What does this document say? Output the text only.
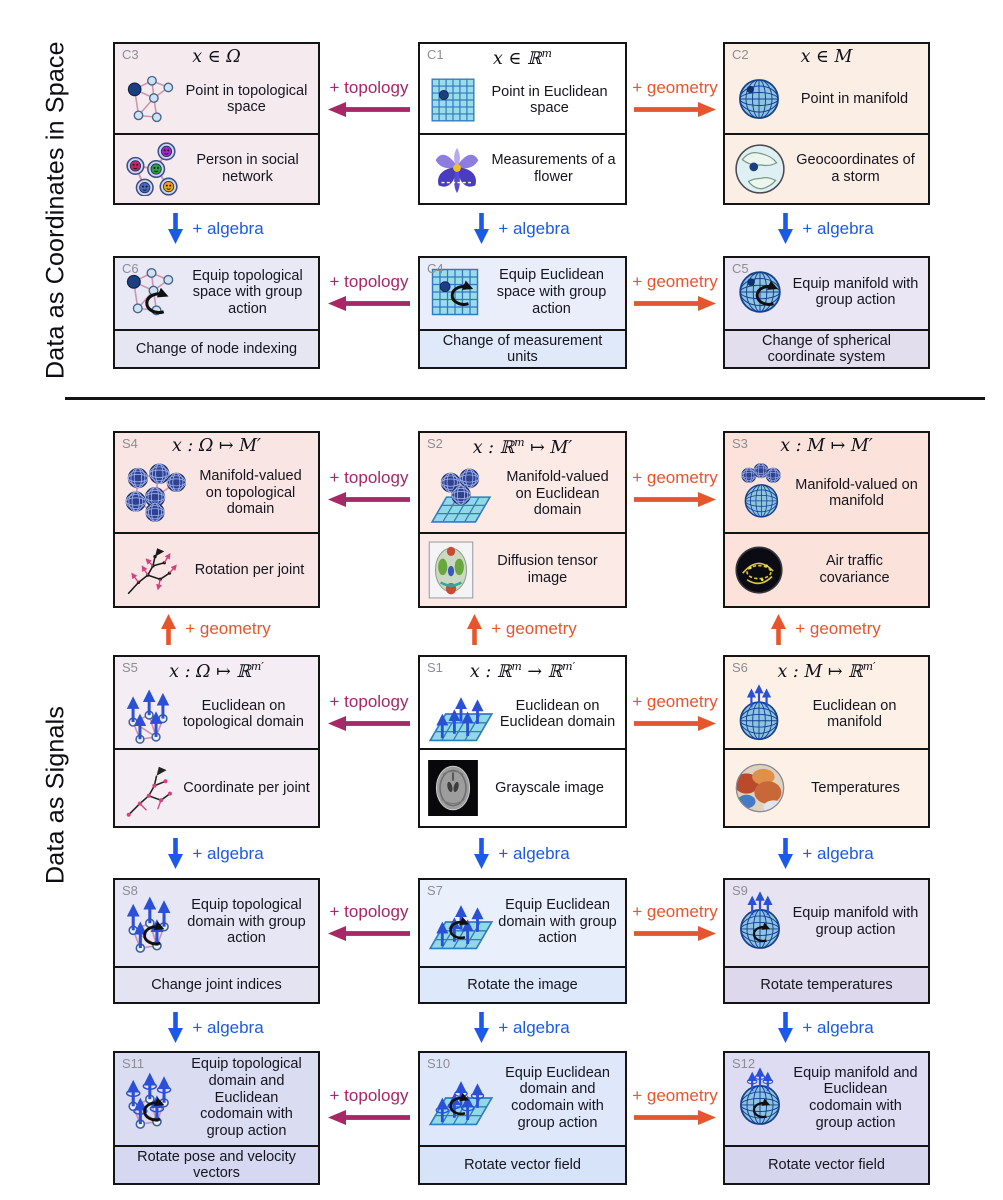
Data as Coordinates in Space
Data as Signals
C3	x ∈ Ω
Point in topological space
Person in social network
C1	x ∈ ℝ$^m$
Point in Euclidean space
Measurements of a flower
C2	x ∈ M
Point in manifold
Geocoordinates of a storm
C6	Equip topological space with group action
Change of node indexing
C4	Equip Euclidean space with group action
Change of measurement units
C5
Equip manifold with group action
Change of spherical coordinate system
S4	x : Ω ↦ M′
Manifold-valued on topological domain
Rotation per joint
S2	x : ℝ$^m$ ↦ M′
Manifold-valued on Euclidean domain
Diffusion tensor image
S3	x : M ↦ M′
Manifold-valued on manifold
Air traffic covariance
S5	x : Ω ↦ ℝ$^{m'}$
Euclidean on topological domain
Coordinate per joint
S1	x : ℝ$^m$ → ℝ$^{m'}$
Euclidean on Euclidean domain
Grayscale image
S6	x : M ↦ ℝ$^{m'}$
Euclidean on manifold
Temperatures
S8
Equip topological domain with group action
Change joint indices
S7
Equip Euclidean domain with group action
Rotate the image
S9
Equip manifold with group action
Rotate temperatures
S11	Equip topological domain and Euclidean codomain with group action
Rotate pose and velocity vectors
S10
Equip Euclidean domain and codomain with group action
Rotate vector field
S12
Equip manifold and Euclidean codomain with group action
Rotate vector field
+ topology	+ geometry
+ topology	+ geometry
+ topology	+ geometry
+ topology	+ geometry
+ topology	+ geometry
+ topology	+ geometry
+ algebra	+ algebra	+ algebra
+ geometry	+ geometry	+ geometry
+ algebra	+ algebra	+ algebra
+ algebra	+ algebra	+ algebra
